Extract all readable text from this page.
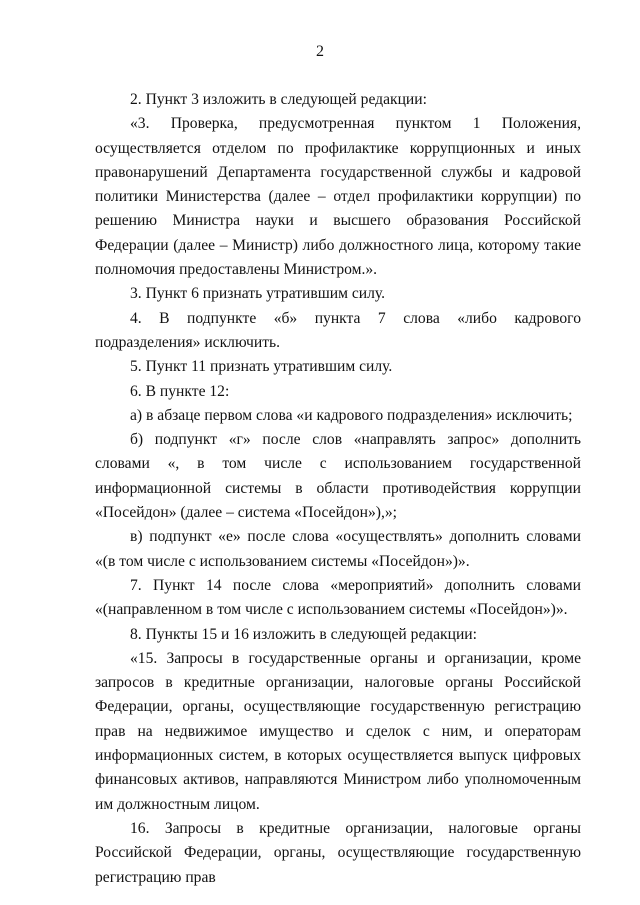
2

2. Пункт 3 изложить в следующей редакции:

«3. Проверка, предусмотренная пунктом 1 Положения, осуществляется отделом по профилактике коррупционных и иных правонарушений Департамента государственной службы и кадровой политики Министерства (далее – отдел профилактики коррупции) по решению Министра науки и высшего образования Российской Федерации (далее – Министр) либо должностного лица, которому такие полномочия предоставлены Министром.».

3. Пункт 6 признать утратившим силу.

4. В подпункте «б» пункта 7 слова «либо кадрового подразделения» исключить.

5. Пункт 11 признать утратившим силу.

6. В пункте 12:

а) в абзаце первом слова «и кадрового подразделения» исключить;

б) подпункт «г» после слов «направлять запрос» дополнить словами «, в том числе с использованием государственной информационной системы в области противодействия коррупции «Посейдон» (далее – система «Посейдон»),»;

в) подпункт «е» после слова «осуществлять» дополнить словами «(в том числе с использованием системы «Посейдон»)».

7. Пункт 14 после слова «мероприятий» дополнить словами «(направленном в том числе с использованием системы «Посейдон»)».

8. Пункты 15 и 16 изложить в следующей редакции:

«15. Запросы в государственные органы и организации, кроме запросов в кредитные организации, налоговые органы Российской Федерации, органы, осуществляющие государственную регистрацию прав на недвижимое имущество и сделок с ним, и операторам информационных систем, в которых осуществляется выпуск цифровых финансовых активов, направляются Министром либо уполномоченным им должностным лицом.

16. Запросы в кредитные организации, налоговые органы Российской Федерации, органы, осуществляющие государственную регистрацию прав
